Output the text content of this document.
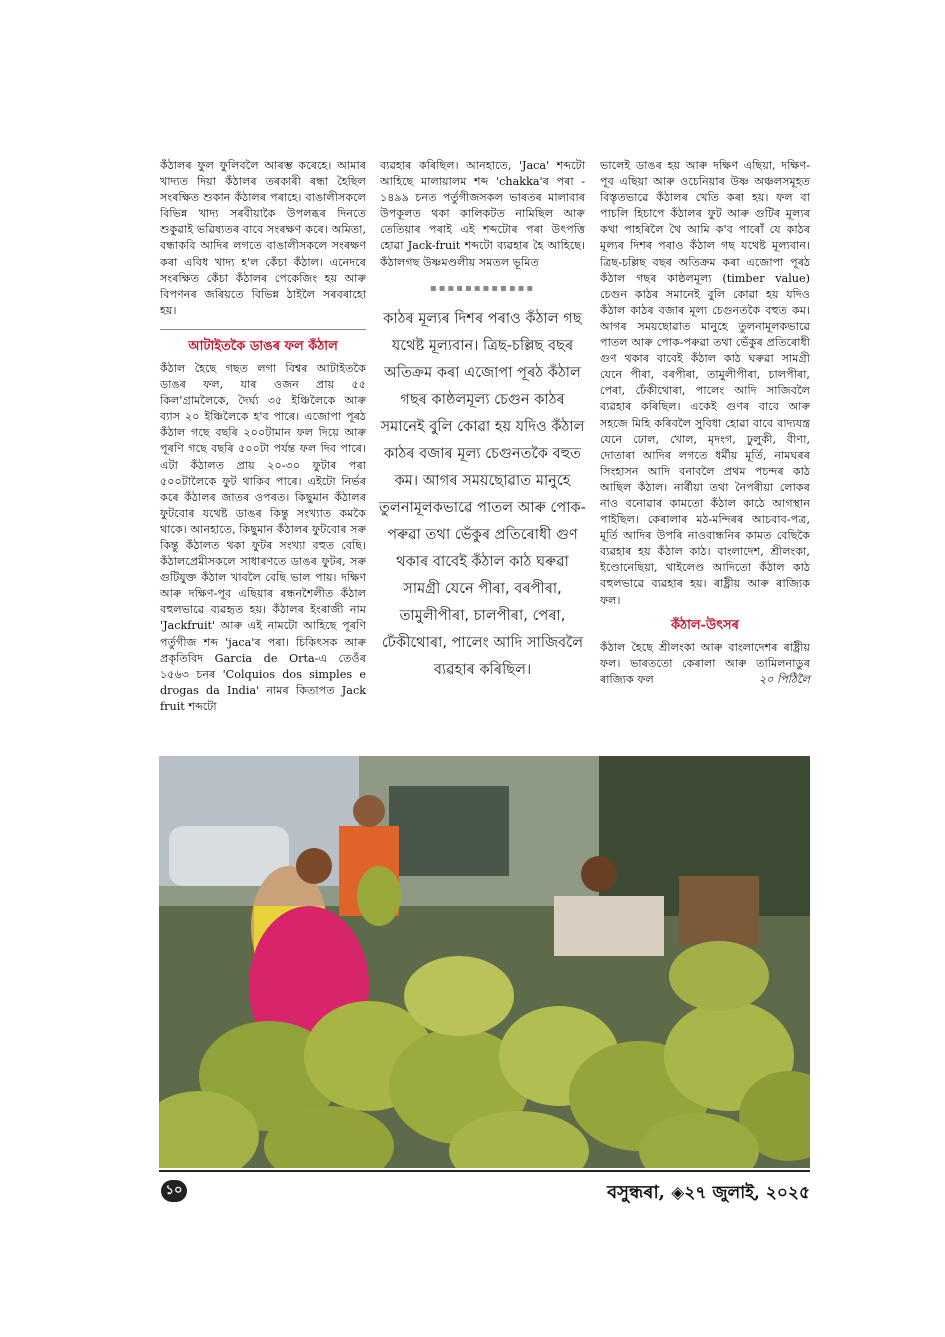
কঁঠালৰ ফুল ফুলিবলৈ আৰম্ভ কৰেহে। আমাৰ খাদ্যত দিয়া কঁঠালৰ তৰকাৰী ৰন্ধা হৈছিল সংৰক্ষিত শুকান কঁঠালৰ পৰাহে। বাঙালীসকলে বিভিন্ন খাদ্য সৰবীয়াকৈ উপলব্ধৰ দিনতে শুকুৱাই ভৱিষ্যতৰ বাবে সংৰক্ষণ কৰে। অমিতা, বন্ধাকবি আদিৰ লগতে বাঙালীসকলে সংৰক্ষণ কৰা এবিধ খাদ্য হ'ল কেঁচা কঁঠাল। এনেদৰে সংৰক্ষিত কেঁচা কঁঠালৰ পেকেজিং হয় আৰু বিপণনৰ জৰিয়তে বিভিন্ন ঠাইলৈ সৰবৰাহো হয়।

আটাইতকৈ ডাঙৰ ফল কঁঠাল

কঁঠাল হৈছে গছত লগা বিশ্বৰ আটাইতকৈ ডাঙৰ ফল, যাৰ ওজন প্ৰায় ৫৫ কিল'গ্ৰামলৈকে, দৈৰ্ঘ্য ৩৫ ইঞ্চিলৈকে আৰু ব্যাস ২০ ইঞ্চিলৈকে হ'ব পাৰে। এজোপা পূৰঠ কঁঠাল গছে বছৰি ২০০টামান ফল দিয়ে আৰু পূৰণি গছে বছৰি ৫০০টা পৰ্যন্ত ফল দিব পাৰে। এটা কঁঠালত প্ৰায় ২০-৩০ ফুটাৰ পৰা ৫০০টালৈকে ফুট থাকিব পাৰে। এইটো নিৰ্ভৰ কৰে কঁঠালৰ জাতৰ ওপৰত। কিছুমান কঁঠালৰ ফুটবোৰ যথেষ্ট ডাঙৰ কিন্তু সংখ্যাত কমকৈ থাকে। আনহাতে, কিছুমান কঁঠালৰ ফুটবোৰ সৰু কিন্তু কঁঠালত থকা ফুটৰ সংখ্যা বহুত বেছি। কঁঠালপ্ৰেমীসকলে সাধাৰণতে ডাঙৰ ফুটৰ, সৰু গুটিযুক্ত কঁঠাল খাবলৈ বেছি ভাল পায়। দক্ষিণ আৰু দক্ষিণ-পূব এছিয়াৰ ৰন্ধনশৈলীত কঁঠাল বহুলভাৱে ব্যৱহৃত হয়। কঁঠালৰ ইংৰাজী নাম 'Jackfruit' আৰু এই নামটো আহিছে পূৰণি পৰ্তুগীজ শব্দ 'jaca'ৰ পৰা। চিকিৎসক আৰু প্ৰকৃতিবিদ Garcia de Orta-এ তেওঁৰ ১৫৬৩ চনৰ 'Colquios dos simples e drogas da India' নামৰ কিতাপত Jack fruit শব্দটো

ব্যৱহাৰ কৰিছিল। আনহাতে, 'Jaca' শব্দটো আহিছে মালায়ালম শব্দ 'chakka'ৰ পৰা - ১৪৯৯ চনত পৰ্তুগীজসকল ভাৰতৰ মালাবাৰ উপকূলত থকা কালিকটত নামিছিল আৰু তেতিয়াৰ পৰাই এই শব্দটোৰ পৰা উৎপত্তি হোৱা Jack-fruit শব্দটো ব্যৱহাৰ হৈ আহিছে। কঁঠালগছ উষ্ণমণ্ডলীয় সমতল ভূমিত

▪▪▪▪▪▪▪▪▪▪▪▪
কাঠৰ মূল্যৰ দিশৰ পৰাও কঁঠাল গছ যথেষ্ট মূল্যবান। ত্ৰিছ-চল্লিছ বছৰ অতিক্ৰম কৰা এজোপা পূৰঠ কঁঠাল গছৰ কাষ্ঠলমূল্য চেগুন কাঠৰ সমানেই বুলি কোৱা হয় যদিও কঁঠাল কাঠৰ বজাৰ মূল্য চেগুনতকৈ বহুত কম। আগৰ সময়ছোৱাত মানুহে তুলনামূলকভাৱে পাতল আৰু পোক-পৰুৱা তথা ভেঁকুৰ প্ৰতিৰোধী গুণ থকাৰ বাবেই কঁঠাল কাঠ ঘৰুৱা সামগ্ৰী যেনে পীৰা, বৰপীৰা, তামুলীপীৰা, চালপীৰা, পেৰা, ঢেঁকীথোৰা, পালেং আদি সাজিবলৈ ব্যৱহাৰ কৰিছিল।

ভালেই ডাঙৰ হয় আৰু দক্ষিণ এছিয়া, দক্ষিণ-পূব এছিয়া আৰু ওচেনিয়াৰ উষ্ণ অঞ্চলসমূহত বিস্তৃতভাৱে কঁঠালৰ খেতি কৰা হয়। ফল বা পাচলি হিচাপে কঁঠালৰ ফুট আৰু গুটিৰ মূল্যৰ কথা পাহৰিলৈ থৈ আমি ক'ব পাৰোঁ যে কাঠৰ মূল্যৰ দিশৰ পৰাও কঁঠাল গছ যথেষ্ট মূল্যবান। ত্ৰিছ-চল্লিছ বছৰ অতিক্ৰম কৰা এজোপা পূৰঠ কঁঠাল গছৰ কাষ্ঠলমূল্য (timber value) চেগুন কাঠৰ সমানেই বুলি কোৱা হয় যদিও কঁঠাল কাঠৰ বজাৰ মূল্য চেগুনতকৈ বহুত কম। আগৰ সময়ছোৱাত মানুহে তুলনামূলকভাৱে পাতল আৰু পোক-পৰুৱা তথা ভেঁকুৰ প্ৰতিৰোধী গুণ থকাৰ বাবেই কঁঠাল কাঠ ঘৰুৱা সামগ্ৰী যেনে পীৰা, বৰপীৰা, তামুলীপীৰা, চালপীৰা, পেৰা, ঢেঁকীথোৰা, পালেং আদি সাজিবলৈ ব্যৱহাৰ কৰিছিল। একেই গুণৰ বাবে আৰু সহজে মিহি কৰিবলৈ সুবিধা হোৱা বাবে বাদ্যযন্ত্ৰ যেনে ঢোল, খোল, মৃদংগ, ঢুলুকী, বীণা, দোতাৰা আদিৰ লগতে ধৰ্মীয় মূৰ্তি, নামঘৰৰ সিংহাসন আদি বনাবলৈ প্ৰথম পচন্দৰ কাঠ আছিল কঁঠাল। নাৰ্ৰীয়া তথা নৈপৰীয়া লোকৰ নাও বনোৱাৰ কামতো কঁঠাল কাঠে আগস্থান পাইছিল। কেৰালাৰ মঠ-মন্দিৰৰ আচবাব-পত্ৰ, মূৰ্তি আদিৰ উপৰি নাওবান্ধনিৰ কামত বেছিকৈ ব্যৱহাৰ হয় কঁঠাল কাঠ। বাংলাদেশ, শ্ৰীলংকা, ইণ্ডোনেছিয়া, থাইলেণ্ড আদিতো কঁঠাল কাঠ বহুলভাৱে ব্যৱহাৰ হয়। ৰাষ্ট্ৰীয় আৰু ৰাজ্যিক ফল।

কঁঠাল-উৎসৰ

কঁঠাল হৈছে শ্ৰীলংকা আৰু বাংলাদেশৰ ৰাষ্ট্ৰীয় ফল। ভাৰততো কেৰালা আৰু তামিলনাডুৰ ৰাজ্যিক ফল	২০ পিঠিলৈ

১০	বসুন্ধৰা, ◈২৭ জুলাই, ২০২৫
